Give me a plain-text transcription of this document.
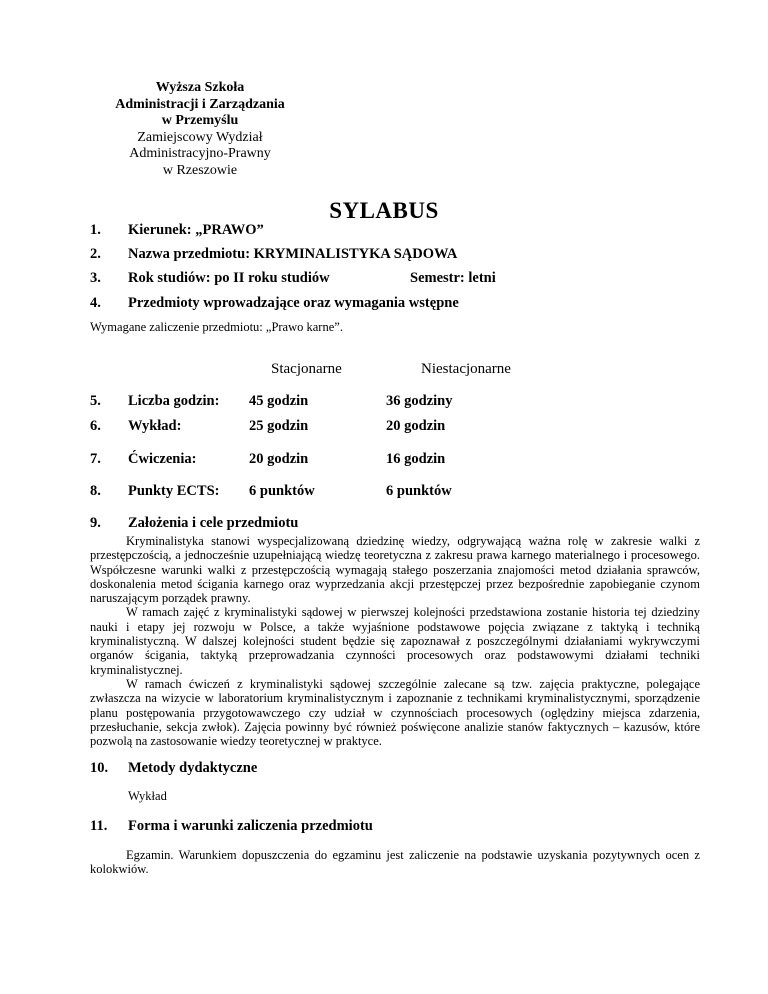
Wyższa Szkoła
Administracji i Zarządzania
w Przemyślu
Zamiejscowy Wydział
Administracyjno-Prawny
w Rzeszowie
SYLABUS
1. Kierunek: „PRAWO”
2. Nazwa przedmiotu: KRYMINALISTYKA SĄDOWA
3. Rok studiów: po II roku studiów	Semestr: letni
4. Przedmioty wprowadzające oraz wymagania wstępne
Wymagane zaliczenie przedmiotu: „Prawo karne”.
Stacjonarne	Niestacjonarne
5. Liczba godzin: 45 godzin	36 godziny
6. Wykład:	25 godzin	20 godzin
7. Ćwiczenia:	20 godzin	16 godzin
8. Punkty ECTS: 6 punktów	6 punktów
9. Założenia i cele przedmiotu

Kryminalistyka stanowi wyspecjalizowaną dziedzinę wiedzy, odgrywającą ważna rolę w zakresie walki z przestępczością, a jednocześnie uzupełniającą wiedzę teoretyczna z zakresu prawa karnego materialnego i procesowego. Współczesne warunki walki z przestępczością wymagają stałego poszerzania znajomości metod działania sprawców, doskonalenia metod ścigania karnego oraz wyprzedzania akcji przestępczej przez bezpośrednie zapobieganie czynom naruszającym porządek prawny.

W ramach zajęć z kryminalistyki sądowej w pierwszej kolejności przedstawiona zostanie historia tej dziedziny nauki i etapy jej rozwoju w Polsce, a także wyjaśnione podstawowe pojęcia związane z taktyką i techniką kryminalistyczną. W dalszej kolejności student będzie się zapoznawał z poszczególnymi działaniami wykrywczymi organów ścigania, taktyką przeprowadzania czynności procesowych oraz podstawowymi działami techniki kryminalistycznej.

W ramach ćwiczeń z kryminalistyki sądowej szczególnie zalecane są tzw. zajęcia praktyczne, polegające zwłaszcza na wizycie w laboratorium kryminalistycznym i zapoznanie z technikami kryminalistycznymi, sporządzenie planu postępowania przygotowawczego czy udział w czynnościach procesowych (oględziny miejsca zdarzenia, przesłuchanie, sekcja zwłok). Zajęcia powinny być również poświęcone analizie stanów faktycznych – kazusów, które pozwolą na zastosowanie wiedzy teoretycznej w praktyce.

10. Metody dydaktyczne
Wykład
11. Forma i warunki zaliczenia przedmiotu

Egzamin. Warunkiem dopuszczenia do egzaminu jest zaliczenie na podstawie uzyskania pozytywnych ocen z kolokwiów.
